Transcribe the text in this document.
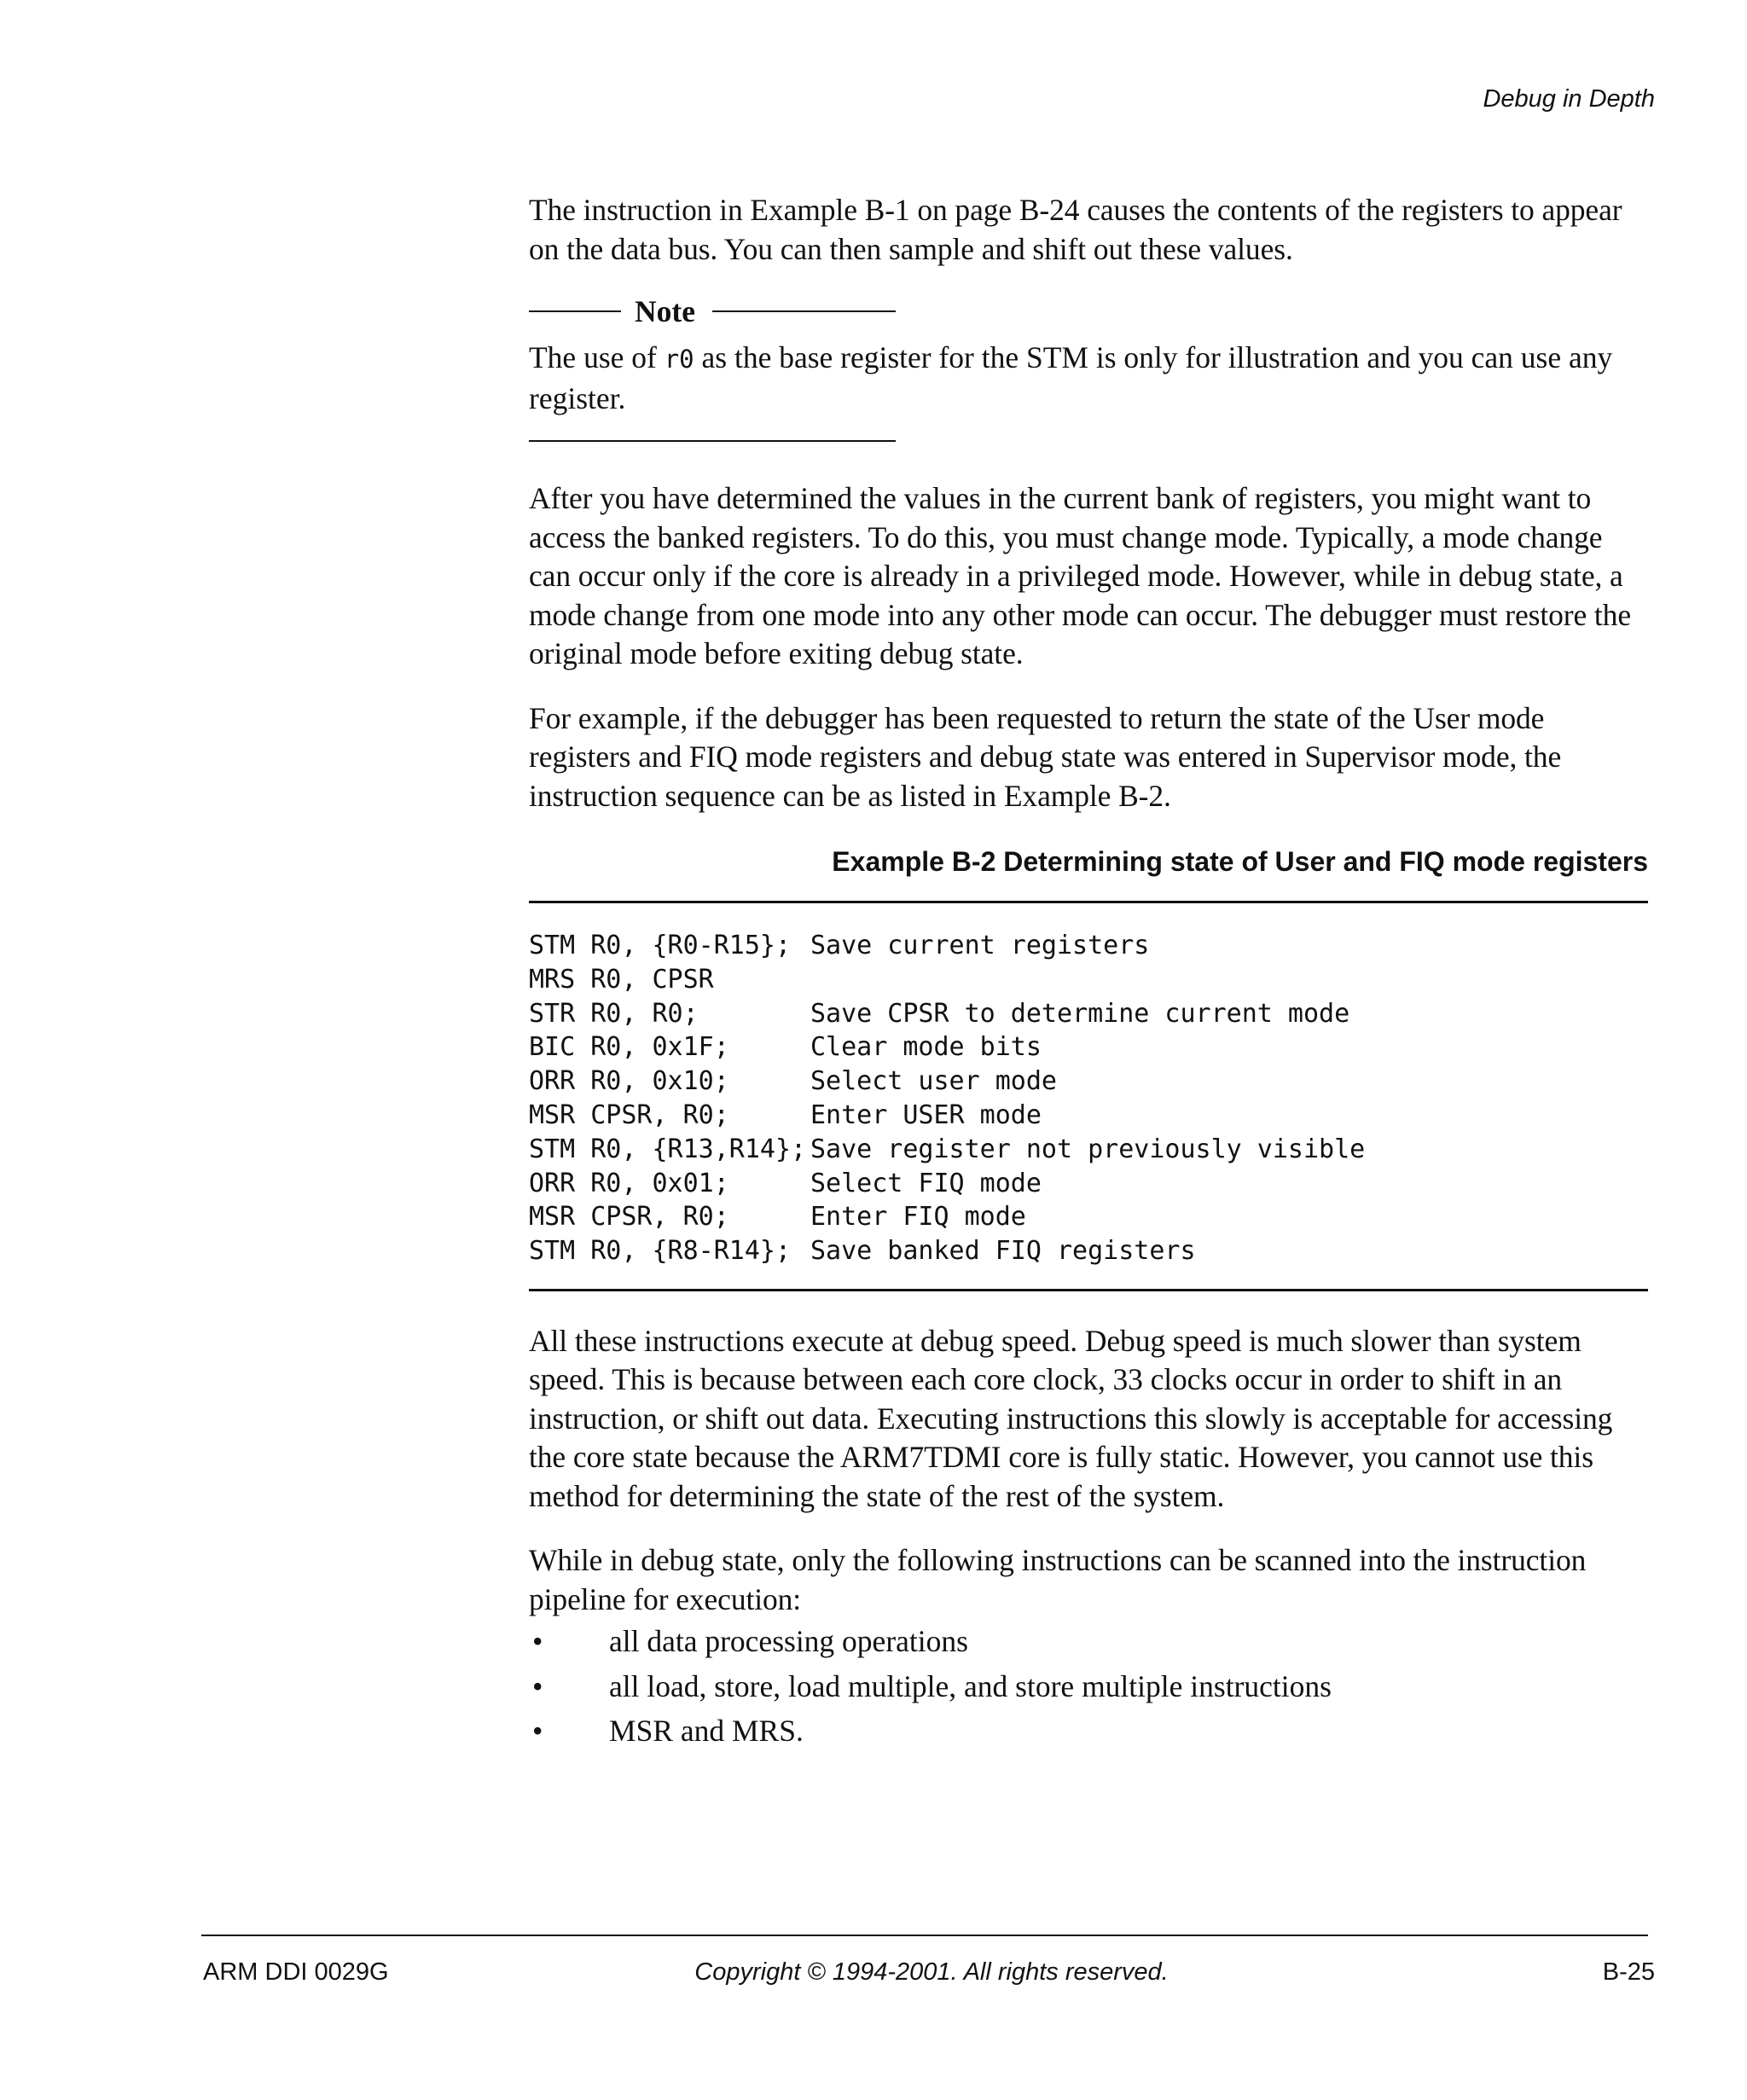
Debug in Depth

The instruction in Example B-1 on page B-24 causes the contents of the registers to appear on the data bus. You can then sample and shift out these values.

Note

The use of r0 as the base register for the STM is only for illustration and you can use any register.

After you have determined the values in the current bank of registers, you might want to access the banked registers. To do this, you must change mode. Typically, a mode change can occur only if the core is already in a privileged mode. However, while in debug state, a mode change from one mode into any other mode can occur. The debugger must restore the original mode before exiting debug state.

For example, if the debugger has been requested to return the state of the User mode registers and FIQ mode registers and debug state was entered in Supervisor mode, the instruction sequence can be as listed in Example B-2.

Example B-2 Determining state of User and FIQ mode registers
STM R0, {R0-R15}; Save current registers
MRS R0, CPSR
STR R0, R0;	Save CPSR to determine current mode
BIC R0, 0x1F;	Clear mode bits
ORR R0, 0x10;	Select user mode
MSR CPSR, R0;	Enter USER mode
STM R0, {R13,R14}; Save register not previously visible
ORR R0, 0x01;	Select FIQ mode
MSR CPSR, R0;	Enter FIQ mode
STM R0, {R8-R14}; Save banked FIQ registers

All these instructions execute at debug speed. Debug speed is much slower than system speed. This is because between each core clock, 33 clocks occur in order to shift in an instruction, or shift out data. Executing instructions this slowly is acceptable for accessing the core state because the ARM7TDMI core is fully static. However, you cannot use this method for determining the state of the rest of the system.

While in debug state, only the following instructions can be scanned into the instruction pipeline for execution:

•	all data processing operations
•	all load, store, load multiple, and store multiple instructions
•	MSR and MRS.
ARM DDI 0029G	Copyright © 1994-2001. All rights reserved.	B-25
